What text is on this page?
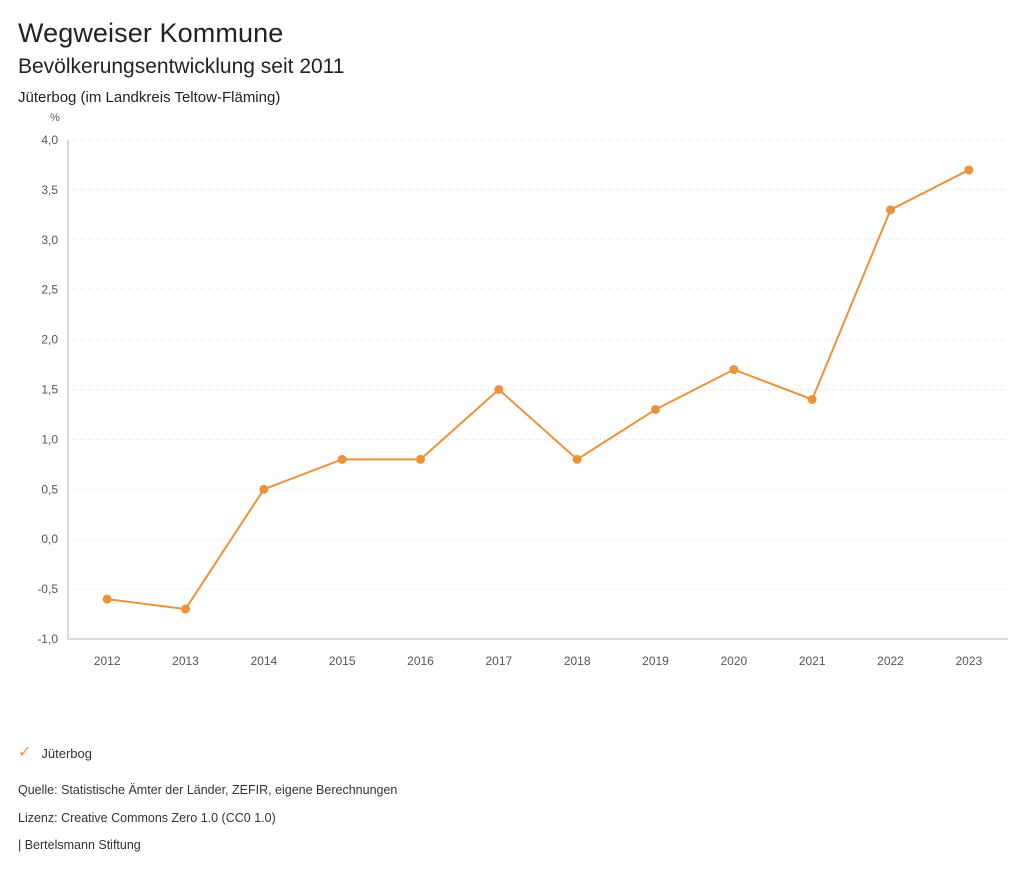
Wegweiser Kommune
Bevölkerungsentwicklung seit 2011
Jüterbog (im Landkreis Teltow-Fläming)
%
-1,0
-0,5
0,0
0,5
1,0
1,5
2,0
2,5
3,0
3,5
4,0
2012	2013	2014	2015	2016	2017	2018	2019	2020	2021	2022	2023
✓ Jüterbog
Quelle: Statistische Ämter der Länder, ZEFIR, eigene Berechnungen
Lizenz: Creative Commons Zero 1.0 (CC0 1.0)
| Bertelsmann Stiftung
